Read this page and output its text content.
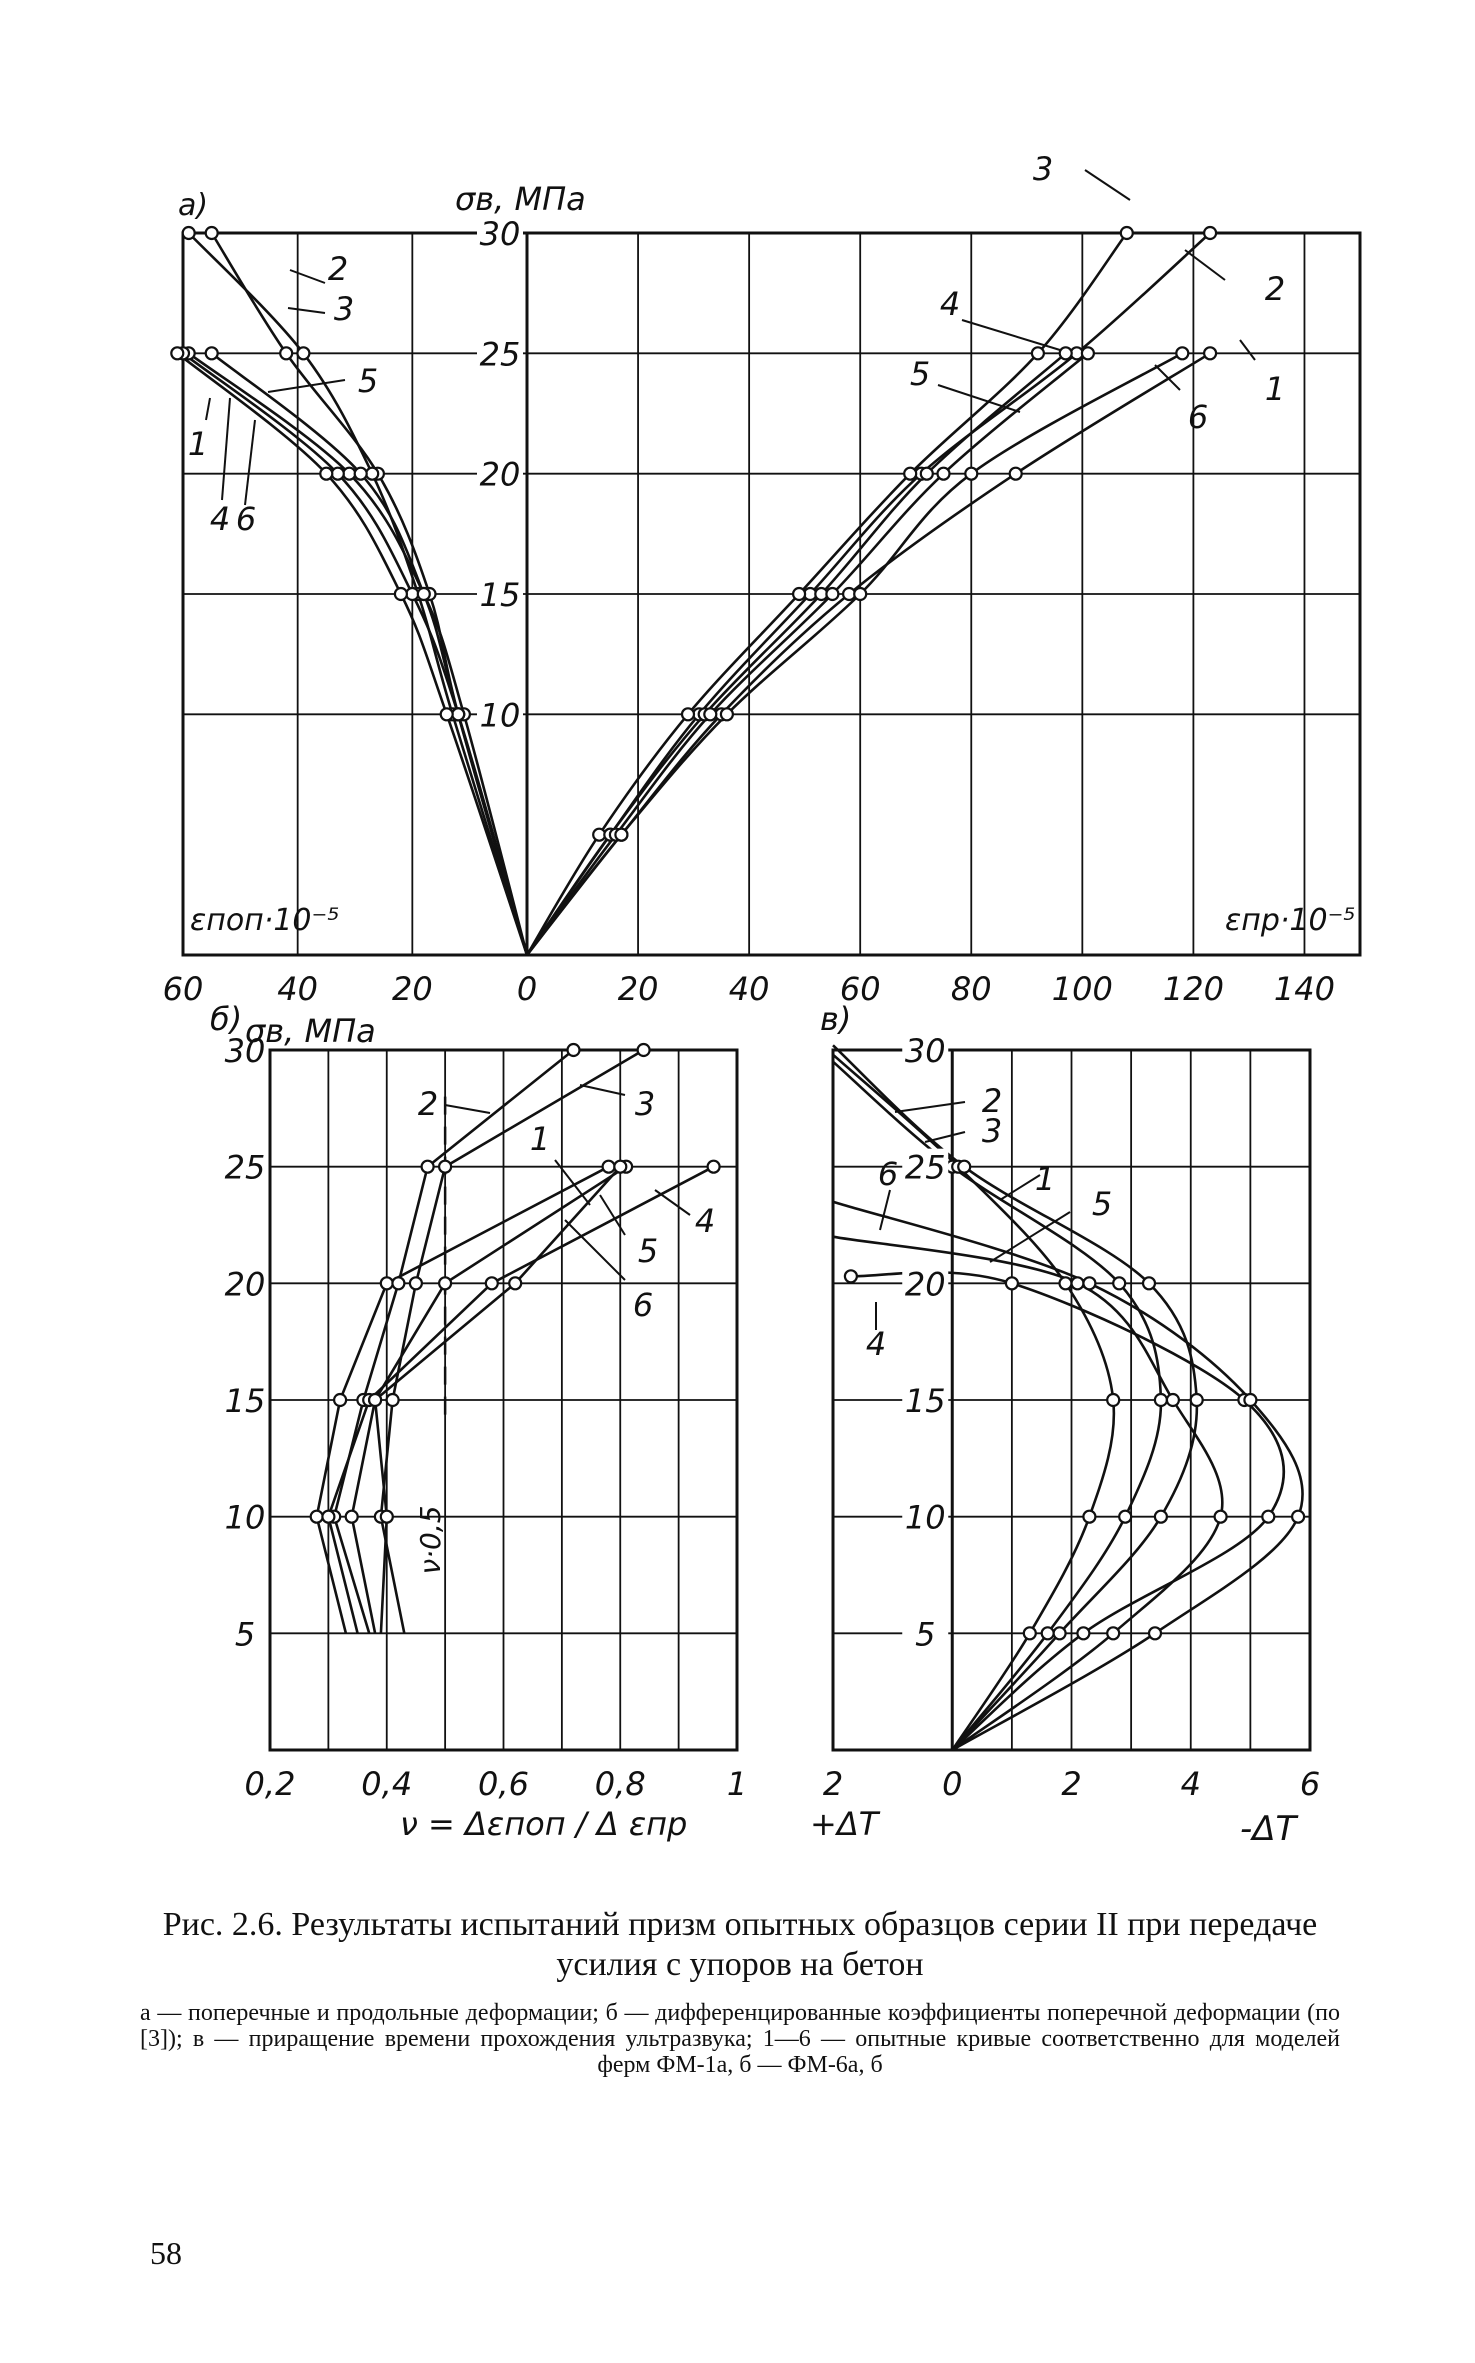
10
15
20
25
30
60 40 20	0	20 40 60 80 100 120 140
a)	σв, МПа
εпоп·10⁻⁵	εпр·10⁻⁵
5
10
15
20
25
30
0,2 0,4 0,6 0,8	1
б) σв, МПа
ν = Δεпоп / Δ εпр
ν·0,5
5
10
15
20
25
30
2	0	2	4	6
в)
+ΔT	-ΔT
3
2
4
5
6
1
2
3
5
1
4 6
2	3
1
4
5
6
2
3
6	1
5
4
Рис. 2.6. Результаты испытаний призм опытных образцов серии II при передаче усилия с упоров на бетон
а — поперечные и продольные деформации; б — дифференцированные коэффициенты поперечной деформации (по [3]); в — приращение времени прохождения ультразвука; 1—6 — опытные кривые соответственно для моделей ферм ФМ-1а, б — ФМ-6а, б
58
